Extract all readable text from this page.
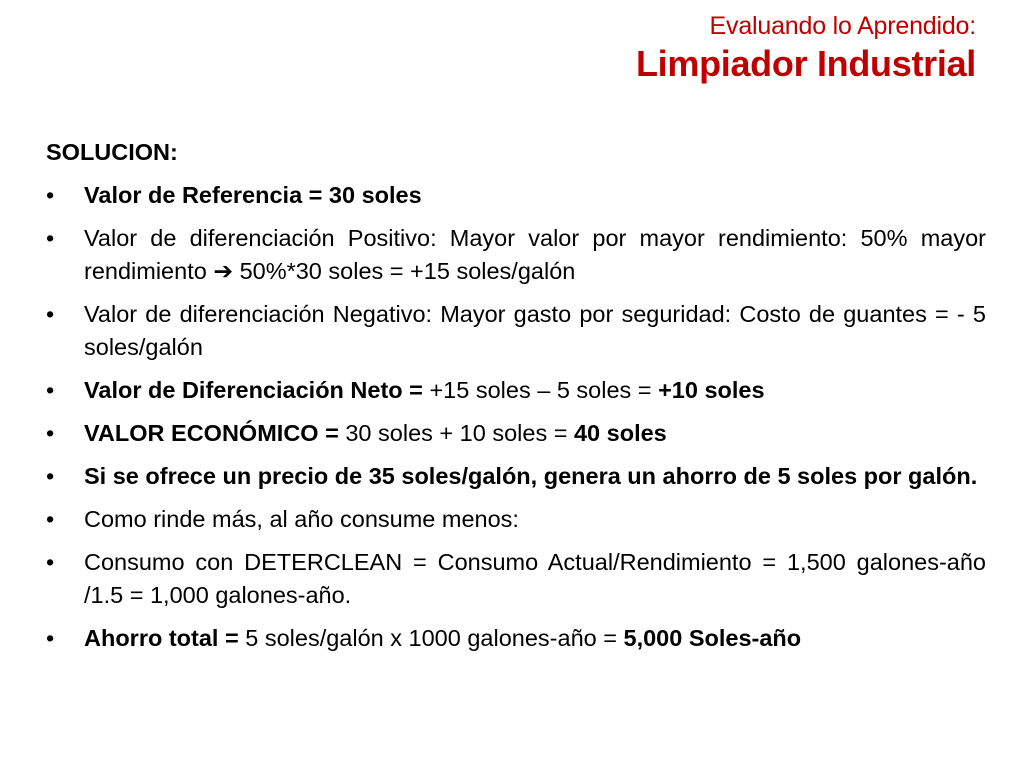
Evaluando lo Aprendido:
Limpiador Industrial
SOLUCION:
•	Valor de Referencia = 30 soles
•	Valor de diferenciación Positivo: Mayor valor por mayor rendimiento: 50% mayor rendimiento ➔ 50%*30 soles = +15 soles/galón
•	Valor de diferenciación Negativo: Mayor gasto por seguridad: Costo de guantes = - 5 soles/galón
•	Valor de Diferenciación Neto = +15 soles – 5 soles = +10 soles
•	VALOR ECONÓMICO = 30 soles + 10 soles = 40 soles
•	Si se ofrece un precio de 35 soles/galón, genera un ahorro de 5 soles por galón.
•	Como rinde más, al año consume menos:
•	Consumo con DETERCLEAN = Consumo Actual/Rendimiento = 1,500 galones-año /1.5 = 1,000 galones-año.
•	Ahorro total = 5 soles/galón x 1000 galones-año = 5,000 Soles-año
